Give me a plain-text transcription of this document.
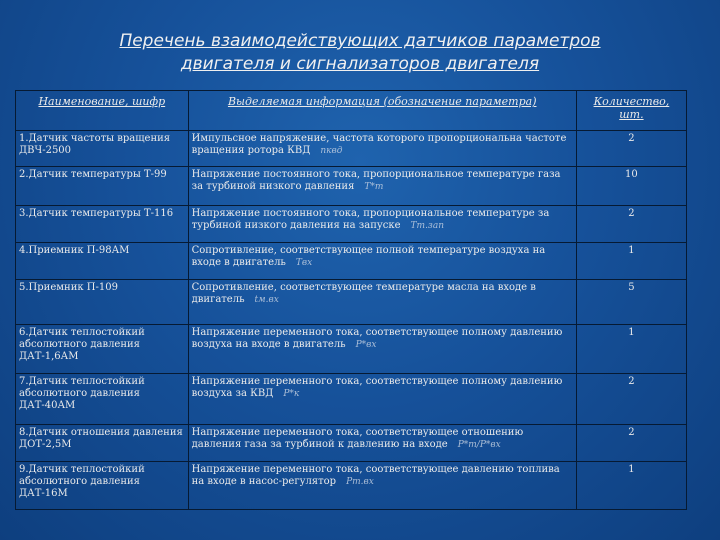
Перечень взаимодействующих датчиков параметров
двигателя и сигнализаторов двигателя
Наименование, шифр	Выделяемая информация (обозначение параметра)	Количество, шт.
1.Датчик частоты вращения ДВЧ-2500	Импульсное напряжение, частота которого пропорциональна частоте вращения ротора КВД nквд	2
2.Датчик температуры Т-99	Напряжение постоянного тока, пропорциональное температуре газа за турбиной низкого давления Т*т	10
3.Датчик температуры Т-116	Напряжение постоянного тока, пропорциональное температуре за турбиной низкого давления на запуске Тт.зап	2
4.Приемник П-98АМ	Сопротивление, соответствующее полной температуре воздуха на входе в двигатель Твх	1
5.Приемник П-109	Сопротивление, соответствующее температуре масла на входе в двигатель tм.вх	5
6.Датчик теплостойкий абсолютного давления ДАТ-1,6АМ	Напряжение переменного тока, соответствующее полному давлению воздуха на входе в двигатель Р*вх	1
7.Датчик теплостойкий абсолютного давления ДАТ-40АМ	Напряжение переменного тока, соответствующее полному давлению воздуха за КВД Р*к	2
8.Датчик отношения давления ДОТ-2,5М	Напряжение переменного тока, соответствующее отношению давления газа за турбиной к давлению на входе Р*т/Р*вх	2
9.Датчик теплостойкий абсолютного давления ДАТ-16М	Напряжение переменного тока, соответствующее давлению топлива на входе в насос-регулятор Рт.вх	1
